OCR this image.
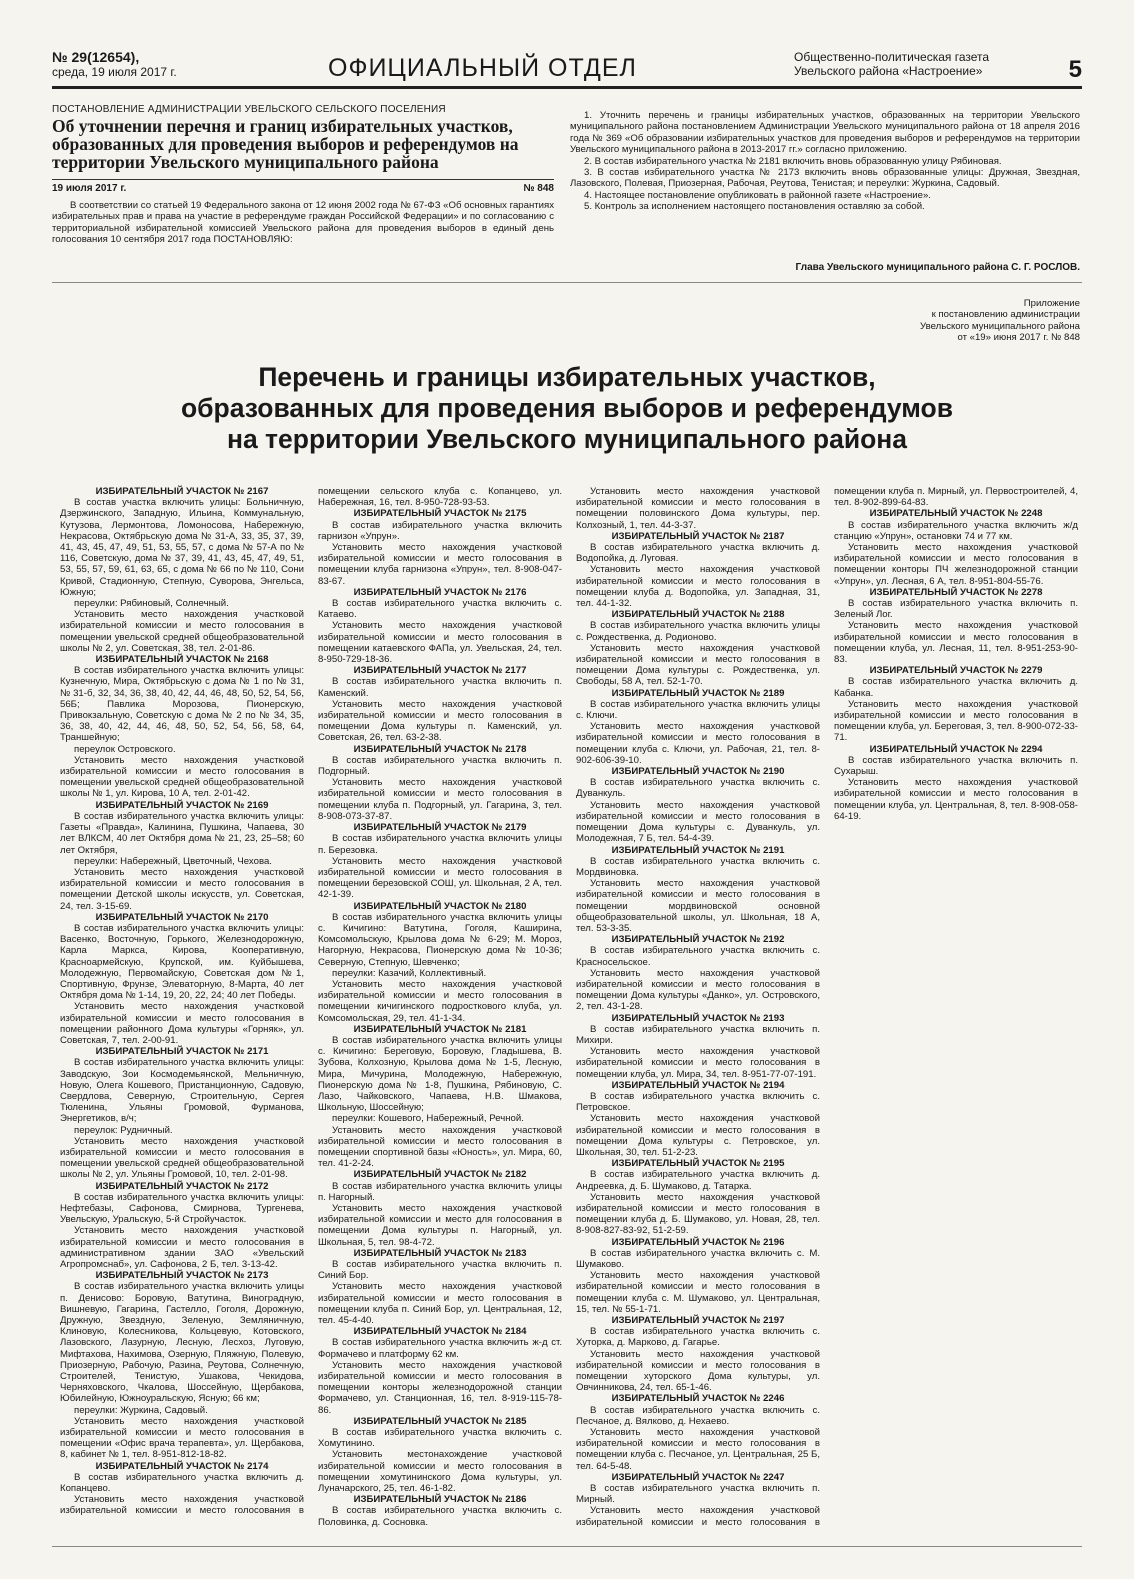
№ 29(12654),
среда, 19 июля 2017 г.	ОФИЦИАЛЬНЫЙ ОТДЕЛ	Общественно-политическая газета
Увельского района «Настроение»	5
ПОСТАНОВЛЕНИЕ АДМИНИСТРАЦИИ УВЕЛЬСКОГО СЕЛЬСКОГО ПОСЕЛЕНИЯ
Об уточнении перечня и границ избирательных участков, образованных для проведения выборов и референдумов на территории Увельского муниципального района
19 июля 2017 г.	№ 848

В соответствии со статьей 19 Федерального закона от 12 июня 2002 года № 67-ФЗ «Об основных гарантиях избирательных прав и права на участие в референдуме граждан Российской Федерации» и по согласованию с территориальной избирательной комиссией Увельского района для проведения выборов в единый день голосования 10 сентября 2017 года ПОСТАНОВЛЯЮ:

1. Уточнить перечень и границы избирательных участков, образованных на территории Увельского муниципального района постановлением Администрации Увельского муниципального района от 18 апреля 2016 года № 369 «Об образовании избирательных участков для проведения выборов и референдумов на территории Увельского муниципального района в 2013-2017 гг.» согласно приложению.
2. В состав избирательного участка № 2181 включить вновь образованную улицу Рябиновая.
3. В состав избирательного участка № 2173 включить вновь образованные улицы: Дружная, Звездная, Лазовского, Полевая, Приозерная, Рабочая, Реутова, Тенистая; и переулки: Журкина, Садовый.
4. Настоящее постановление опубликовать в районной газете «Настроение».
5. Контроль за исполнением настоящего постановления оставляю за собой.
Глава Увельского муниципального района С. Г. РОСЛОВ.
Приложение
к постановлению администрации
Увельского муниципального района
от «19» июня 2017 г. № 848
Перечень и границы избирательных участков,
образованных для проведения выборов и референдумов
на территории Увельского муниципального района
ИЗБИРАТЕЛЬНЫЙ УЧАСТОК № 2167

В состав участка включить улицы: Больничную, Дзержинского, Западную, Ильина, Коммунальную, Кутузова, Лермонтова, Ломоносова, Набережную, Некрасова, Октябрьскую дома № 31-А, 33, 35, 37, 39, 41, 43, 45, 47, 49, 51, 53, 55, 57, с дома № 57-А по № 116, Советскую, дома № 37, 39, 41, 43, 45, 47, 49, 51, 53, 55, 57, 59, 61, 63, 65, с дома № 66 по № 110, Сони Кривой, Стадионную, Степную, Суворова, Энгельса, Южную;

переулки: Рябиновый, Солнечный.

Установить место нахождения участковой избирательной комиссии и место голосования в помещении увельской средней общеобразовательной школы № 2, ул. Советская, 38, тел. 2-01-86.

ИЗБИРАТЕЛЬНЫЙ УЧАСТОК № 2168

В состав избирательного участка включить улицы: Кузнечную, Мира, Октябрьскую с дома № 1 по № 31, № 31-б, 32, 34, 36, 38, 40, 42, 44, 46, 48, 50, 52, 54, 56, 56Б; Павлика Морозова, Пионерскую, Привокзальную, Советскую с дома № 2 по № 34, 35, 36, 38, 40, 42, 44, 46, 48, 50, 52, 54, 56, 58, 64, Траншейную;

переулок Островского.

Установить место нахождения участковой избирательной комиссии и место голосования в помещении увельской средней общеобразовательной школы № 1, ул. Кирова, 10 А, тел. 2-01-42.

ИЗБИРАТЕЛЬНЫЙ УЧАСТОК № 2169

В состав избирательного участка включить улицы: Газеты «Правда», Калинина, Пушкина, Чапаева, 30 лет ВЛКСМ, 40 лет Октября дома № 21, 23, 25–58; 60 лет Октября,

переулки: Набережный, Цветочный, Чехова.

Установить место нахождения участковой избирательной комиссии и место голосования в помещении Детской школы искусств, ул. Советская, 24, тел. 3-15-69.

ИЗБИРАТЕЛЬНЫЙ УЧАСТОК № 2170

В состав избирательного участка включить улицы: Васенко, Восточную, Горького, Железнодорожную, Карла Маркса, Кирова, Кооперативную, Красноармейскую, Крупской, им. Куйбышева, Молодежную, Первомайскую, Советская дом №1, Спортивную, Фрунзе, Элеваторную, 8-Марта, 40 лет Октября дома № 1-14, 19, 20, 22, 24; 40 лет Победы.

Установить место нахождения участковой избирательной комиссии и место голосования в помещении районного Дома культуры «Горняк», ул. Советская, 7, тел. 2-00-91.

ИЗБИРАТЕЛЬНЫЙ УЧАСТОК № 2171

В состав избирательного участка включить улицы: Заводскую, Зои Космодемьянской, Мельничную, Новую, Олега Кошевого, Пристанционную, Садовую, Свердлова, Северную, Строительную, Сергея Тюленина, Ульяны Громовой, Фурманова, Энергетиков, в/ч;

переулок: Рудничный.

Установить место нахождения участковой избирательной комиссии и место голосования в помещении увельской средней общеобразовательной школы № 2, ул. Ульяны Громовой, 10, тел. 2-01-98.

ИЗБИРАТЕЛЬНЫЙ УЧАСТОК № 2172

В состав избирательного участка включить улицы: Нефтебазы, Сафонова, Смирнова, Тургенева, Увельскую, Уральскую, 5-й Стройучасток.

Установить место нахождения участковой избирательной комиссии и место голосования в административном здании ЗАО «Увельский Агропромснаб», ул. Сафонова, 2 Б, тел. 3-13-42.

ИЗБИРАТЕЛЬНЫЙ УЧАСТОК № 2173

В состав избирательного участка включить улицы п. Денисово: Боровую, Ватутина, Виноградную, Вишневую, Гагарина, Гастелло, Гоголя, Дорожную, Дружную, Звездную, Зеленую, Земляничную, Клиновую, Колесникова, Кольцевую, Котовского, Лазовского, Лазурную, Лесную, Лесхоз, Луговую, Мифтахова, Нахимова, Озерную, Пляжную, Полевую, Приозерную, Рабочую, Разина, Реутова, Солнечную, Строителей, Тенистую, Ушакова, Чекидова, Черняховского, Чкалова, Шоссейную, Щербакова, Юбилейную, Южноуральскую, Ясную; 66 км;

переулки: Журкина, Садовый.

Установить место нахождения участковой избирательной комиссии и место голосования в помещении «Офис врача терапевта», ул. Щербакова, 8, кабинет № 1, тел. 8-951-812-18-82.

ИЗБИРАТЕЛЬНЫЙ УЧАСТОК № 2174

В состав избирательного участка включить д. Копанцево.

Установить место нахождения участковой избирательной комиссии и место голосования в помещении сельского клуба с. Копанцево, ул. Набережная, 16, тел. 8-950-728-93-53.

ИЗБИРАТЕЛЬНЫЙ УЧАСТОК № 2175

В состав избирательного участка включить гарнизон «Упрун».

Установить место нахождения участковой избирательной комиссии и место голосования в помещении клуба гарнизона «Упрун», тел. 8-908-047-83-67.

ИЗБИРАТЕЛЬНЫЙ УЧАСТОК № 2176

В состав избирательного участка включить с. Катаево.

Установить место нахождения участковой избирательной комиссии и место голосования в помещении катаевского ФАПа, ул. Увельская, 24, тел. 8-950-729-18-36.

ИЗБИРАТЕЛЬНЫЙ УЧАСТОК № 2177

В состав избирательного участка включить п. Каменский.

Установить место нахождения участковой избирательной комиссии и место голосования в помещении Дома культуры п. Каменский, ул. Советская, 26, тел. 63-2-38.

ИЗБИРАТЕЛЬНЫЙ УЧАСТОК № 2178

В состав избирательного участка включить п. Подгорный.

Установить место нахождения участковой избирательной комиссии и место голосования в помещении клуба п. Подгорный, ул. Гагарина, 3, тел. 8-908-073-37-87.

ИЗБИРАТЕЛЬНЫЙ УЧАСТОК № 2179

В состав избирательного участка включить улицы п. Березовка.

Установить место нахождения участковой избирательной комиссии и место голосования в помещении березовской СОШ, ул. Школьная, 2 А, тел. 42-1-39.

ИЗБИРАТЕЛЬНЫЙ УЧАСТОК № 2180

В состав избирательного участка включить улицы с. Кичигино: Ватутина, Гоголя, Каширина, Комсомольскую, Крылова дома № 6-29; М. Мороз, Нагорную, Некрасова, Пионерскую дома № 10-36; Северную, Степную, Шевченко;

переулки: Казачий, Коллективный.

Установить место нахождения участковой избирательной комиссии и место голосования в помещении кичигинского подросткового клуба, ул. Комсомольская, 29, тел. 41-1-34.

ИЗБИРАТЕЛЬНЫЙ УЧАСТОК № 2181

В состав избирательного участка включить улицы с. Кичигино: Береговую, Боровую, Гладышева, В. Зубова, Колхозную, Крылова дома № 1-5, Лесную, Мира, Мичурина, Молодежную, Набережную, Пионерскую дома № 1-8, Пушкина, Рябиновую, С. Лазо, Чайковского, Чапаева, Н.В. Шмакова, Школьную, Шоссейную;

переулки: Кошевого, Набережный, Речной.

Установить место нахождения участковой избирательной комиссии и место голосования в помещении спортивной базы «Юность», ул. Мира, 60, тел. 41-2-24.

ИЗБИРАТЕЛЬНЫЙ УЧАСТОК № 2182

В состав избирательного участка включить улицы п. Нагорный.

Установить место нахождения участковой избирательной комиссии и место для голосования в помещении Дома культуры п. Нагорный, ул. Школьная, 5, тел. 98-4-72.

ИЗБИРАТЕЛЬНЫЙ УЧАСТОК № 2183

В состав избирательного участка включить п. Синий Бор.

Установить место нахождения участковой избирательной комиссии и место голосования в помещении клуба п. Синий Бор, ул. Центральная, 12, тел. 45-4-40.

ИЗБИРАТЕЛЬНЫЙ УЧАСТОК № 2184

В состав избирательного участка включить ж-д ст. Формачево и платформу 62 км.

Установить место нахождения участковой избирательной комиссии и место голосования в помещении конторы железнодорожной станции Формачево, ул. Станционная, 16, тел. 8-919-115-78-86.

ИЗБИРАТЕЛЬНЫЙ УЧАСТОК № 2185

В состав избирательного участка включить с. Хомутинино.

Установить местонахождение участковой избирательной комиссии и место голосования в помещении хомутининского Дома культуры, ул. Луначарского, 25, тел. 46-1-82.

ИЗБИРАТЕЛЬНЫЙ УЧАСТОК № 2186

В состав избирательного участка включить с. Половинка, д. Сосновка.

Установить место нахождения участковой избирательной комиссии и место голосования в помещении половинского Дома культуры, пер. Колхозный, 1, тел. 44-3-37.

ИЗБИРАТЕЛЬНЫЙ УЧАСТОК № 2187

В состав избирательного участка включить д. Водопойка, д. Луговая.

Установить место нахождения участковой избирательной комиссии и место голосования в помещении клуба д. Водопойка, ул. Западная, 31, тел. 44-1-32.

ИЗБИРАТЕЛЬНЫЙ УЧАСТОК № 2188

В состав избирательного участка включить улицы с. Рождественка, д. Родионово.

Установить место нахождения участковой избирательной комиссии и место голосования в помещении Дома культуры с. Рождественка, ул. Свободы, 58 А, тел. 52-1-70.

ИЗБИРАТЕЛЬНЫЙ УЧАСТОК № 2189

В состав избирательного участка включить улицы с. Ключи.

Установить место нахождения участковой избирательной комиссии и место голосования в помещении клуба с. Ключи, ул. Рабочая, 21, тел. 8-902-606-39-10.

ИЗБИРАТЕЛЬНЫЙ УЧАСТОК № 2190

В состав избирательного участка включить с. Дуванкуль.

Установить место нахождения участковой избирательной комиссии и место голосования в помещении Дома культуры с. Дуванкуль, ул. Молодежная, 7 Б, тел. 54-4-39.

ИЗБИРАТЕЛЬНЫЙ УЧАСТОК № 2191

В состав избирательного участка включить с. Мордвиновка.

Установить место нахождения участковой избирательной комиссии и место голосования в помещении мордвиновской основной общеобразовательной школы, ул. Школьная, 18 А, тел. 53-3-35.

ИЗБИРАТЕЛЬНЫЙ УЧАСТОК № 2192

В состав избирательного участка включить с. Красносельское.

Установить место нахождения участковой избирательной комиссии и место голосования в помещении Дома культуры «Данко», ул. Островского, 2, тел. 43-1-28.

ИЗБИРАТЕЛЬНЫЙ УЧАСТОК № 2193

В состав избирательного участка включить п. Михири.

Установить место нахождения участковой избирательной комиссии и место голосования в помещении клуба, ул. Мира, 34, тел. 8-951-77-07-191.

ИЗБИРАТЕЛЬНЫЙ УЧАСТОК № 2194

В состав избирательного участка включить с. Петровское.

Установить место нахождения участковой избирательной комиссии и место голосования в помещении Дома культуры с. Петровское, ул. Школьная, 30, тел. 51-2-23.

ИЗБИРАТЕЛЬНЫЙ УЧАСТОК № 2195

В состав избирательного участка включить д. Андреевка, д. Б. Шумаково, д. Татарка.

Установить место нахождения участковой избирательной комиссии и место голосования в помещении клуба д. Б. Шумаково, ул. Новая, 28, тел. 8-908-827-83-92, 51-2-59.

ИЗБИРАТЕЛЬНЫЙ УЧАСТОК № 2196

В состав избирательного участка включить с. М. Шумаково.

Установить место нахождения участковой избирательной комиссии и место голосования в помещении клуба с. М. Шумаково, ул. Центральная, 15, тел. № 55-1-71.

ИЗБИРАТЕЛЬНЫЙ УЧАСТОК № 2197

В состав избирательного участка включить с. Хуторка, д. Марково, д. Гагарье.

Установить место нахождения участковой избирательной комиссии и место голосования в помещении хуторского Дома культуры, ул. Овчинникова, 24, тел. 65-1-46.

ИЗБИРАТЕЛЬНЫЙ УЧАСТОК № 2246

В состав избирательного участка включить с. Песчаное, д. Вялково, д. Нехаево.

Установить место нахождения участковой избирательной комиссии и место голосования в помещении клуба с. Песчаное, ул. Центральная, 25 Б, тел. 64-5-48.

ИЗБИРАТЕЛЬНЫЙ УЧАСТОК № 2247

В состав избирательного участка включить п. Мирный.

Установить место нахождения участковой избирательной комиссии и место голосования в помещении клуба п. Мирный, ул. Первостроителей, 4, тел. 8-902-899-64-83.

ИЗБИРАТЕЛЬНЫЙ УЧАСТОК № 2248

В состав избирательного участка включить ж/д станцию «Упрун», остановки 74 и 77 км.

Установить место нахождения участковой избирательной комиссии и место голосования в помещении конторы ПЧ железнодорожной станции «Упрун», ул. Лесная, 6 А, тел. 8-951-804-55-76.

ИЗБИРАТЕЛЬНЫЙ УЧАСТОК № 2278

В состав избирательного участка включить п. Зеленый Лог.

Установить место нахождения участковой избирательной комиссии и место голосования в помещении клуба, ул. Лесная, 11, тел. 8-951-253-90-83.

ИЗБИРАТЕЛЬНЫЙ УЧАСТОК № 2279

В состав избирательного участка включить д. Кабанка.

Установить место нахождения участковой избирательной комиссии и место голосования в помещении клуба, ул. Береговая, 3, тел. 8-900-072-33-71.

ИЗБИРАТЕЛЬНЫЙ УЧАСТОК № 2294

В состав избирательного участка включить п. Сухарыш.

Установить место нахождения участковой избирательной комиссии и место голосования в помещении клуба, ул. Центральная, 8, тел. 8-908-058-64-19.
